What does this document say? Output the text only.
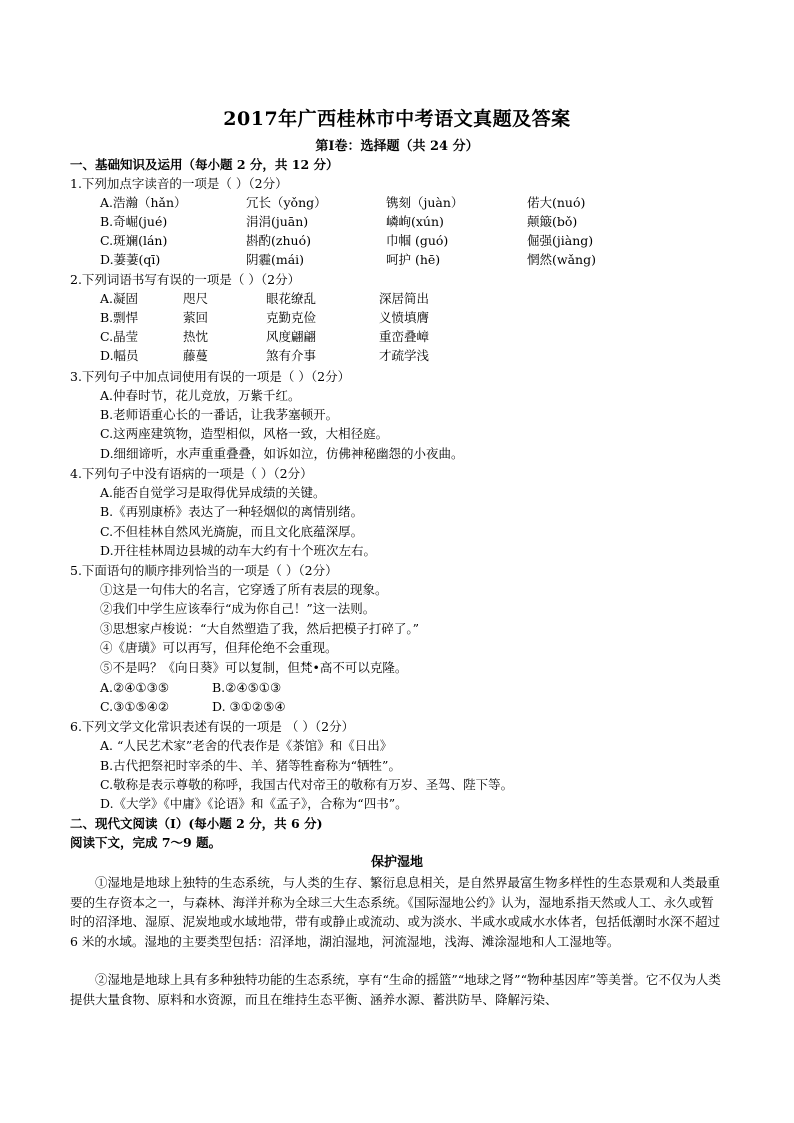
2017年广西桂林市中考语文真题及答案
第Ⅰ卷：选择题（共 24 分）
一、基础知识及运用（每小题 2 分，共 12 分）
1.下列加点字读音的一项是（ ）（2分）
A.浩瀚（hǎn）	冗长（yǒng）	镌刻（juàn）	偌大(nuó)
B.奇崛(jué)	涓涓(juān)	嶙峋(xún)	颠簸(bǒ)
C.斑斓(lán)	斟酌(zhuó)	巾帼 (guó)	倔强(jiàng)
D.萋萋(qī)	阴霾(mái)	呵护 (hē)	惘然(wǎng)
2.下列词语书写有误的一项是（ ）（2分）
A.凝固	咫尺	眼花缭乱	深居简出
B.剽悍	萦回	克勤克俭	义愤填膺
C.晶莹	热忱	风度翩翩	重峦叠嶂
D.幅员	藤蔓	煞有介事	才疏学浅
3.下列句子中加点词使用有误的一项是（ ）（2分）
A.仲春时节，花儿竞放，万紫千红。
B.老师语重心长的一番话，让我茅塞顿开。
C.这两座建筑物，造型相似，风格一致，大相径庭。
D.细细谛听，水声重重叠叠，如诉如泣，仿佛神秘幽怨的小夜曲。
4.下列句子中没有语病的一项是（ ）（2分）
A.能否自觉学习是取得优异成绩的关键。
B.《再别康桥》表达了一种轻烟似的离情别绪。
C.不但桂林自然风光旖旎，而且文化底蕴深厚。
D.开往桂林周边县城的动车大约有十个班次左右。
5.下面语句的顺序排列恰当的一项是（ ）（2分）
①这是一句伟大的名言，它穿透了所有表层的现象。
②我们中学生应该奉行“成为你自己！”这一法则。
③思想家卢梭说：“大自然塑造了我，然后把模子打碎了。”
④《唐璜》可以再写，但拜伦绝不会重现。
⑤不是吗？《向日葵》可以复制，但梵•高不可以克隆。
A.②④①③⑤	B.②④⑤①③
C.③①⑤④②	D. ③①②⑤④
6.下列文学文化常识表述有误的一项是 （ ）（2分）
A. “人民艺术家”老舍的代表作是《茶馆》和《日出》
B.古代把祭祀时宰杀的牛、羊、猪等牲畜称为“牺牲”。
C.敬称是表示尊敬的称呼，我国古代对帝王的敬称有万岁、圣驾、陛下等。
D.《大学》《中庸》《论语》和《孟子》，合称为“四书”。
二、现代文阅读（Ⅰ）(每小题 2 分，共 6 分)
阅读下文，完成 7～9 题。
保护湿地
①湿地是地球上独特的生态系统，与人类的生存、繁衍息息相关，是自然界最富生物多样性的生态景观和人类最重要的生存资本之一，与森林、海洋并称为全球三大生态系统。《国际湿地公约》认为，湿地系指天然或人工、永久或暂时的沼泽地、湿原、泥炭地或水域地带，带有或静止或流动、或为淡水、半咸水或咸水水体者，包括低潮时水深不超过 6 米的水域。湿地的主要类型包括：沼泽地，湖泊湿地，河流湿地，浅海、滩涂湿地和人工湿地等。
②湿地是地球上具有多种独特功能的生态系统，享有“生命的摇篮”“地球之肾”“物种基因库”等美誉。它不仅为人类提供大量食物、原料和水资源，而且在维持生态平衡、涵养水源、蓄洪防旱、降解污染、
